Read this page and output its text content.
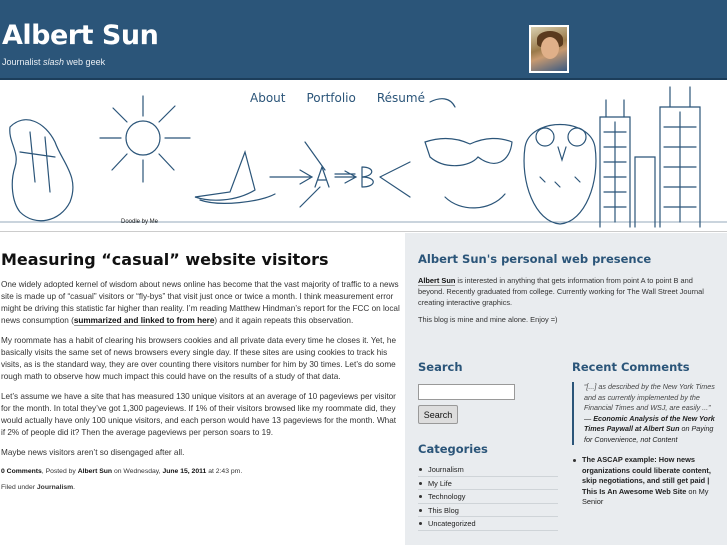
Albert Sun
Journalist slash web geek
About Portfolio Résumé
Doodle by Me
Measuring “casual” website visitors

One widely adopted kernel of wisdom about news online has become that the vast majority of traffic to a news site is made up of “casual” visitors or “fly-bys” that visit just once or twice a month. I think measurement error might be driving this statistic far higher than reality. I’m reading Matthew Hindman’s report for the FCC on local news consumption (summarized and linked to from here) and it again repeats this observation.

My roommate has a habit of clearing his browsers cookies and all private data every time he closes it. Yet, he basically visits the same set of news browsers every single day. If these sites are using cookies to track his visits, as is the standard way, they are over counting there visitors number for him by 30 times. Let’s do some rough math to observe how much impact this could have on the results of a study of that data.

Let’s assume we have a site that has measured 130 unique visitors at an average of 10 pageviews per visitor for the month. In total they’ve got 1,300 pageviews. If 1% of their visitors browsed like my roommate did, they would actually have only 100 unique visitors, and each person would have 13 pageviews for the month. What if 2% of people did it? Then the average pageviews per person soars to 19.

Maybe news visitors aren’t so disengaged after all.

0 Comments, Posted by Albert Sun on Wednesday, June 15, 2011 at 2:43 pm.
Filed under Journalism.
Albert Sun's personal web presence

Albert Sun is interested in anything that gets information from point A to point B and beyond. Recently graduated from college. Currently working for The Wall Street Journal creating interactive graphics.

This blog is mine and mine alone. Enjoy =)

Search
Search
Categories
Journalism
My Life
Technology
This Blog
Uncategorized
Recent Comments
“[...] as described by the New York Times and as currently implemented by the Financial Times and WSJ, are easily ...”
— Economic Analysis of the New York Times Paywall at Albert Sun on Paying for Convenience, not Content
The ASCAP example: How news organizations could liberate content, skip negotiations, and still get paid | This Is An Awesome Web Site on My Senior
